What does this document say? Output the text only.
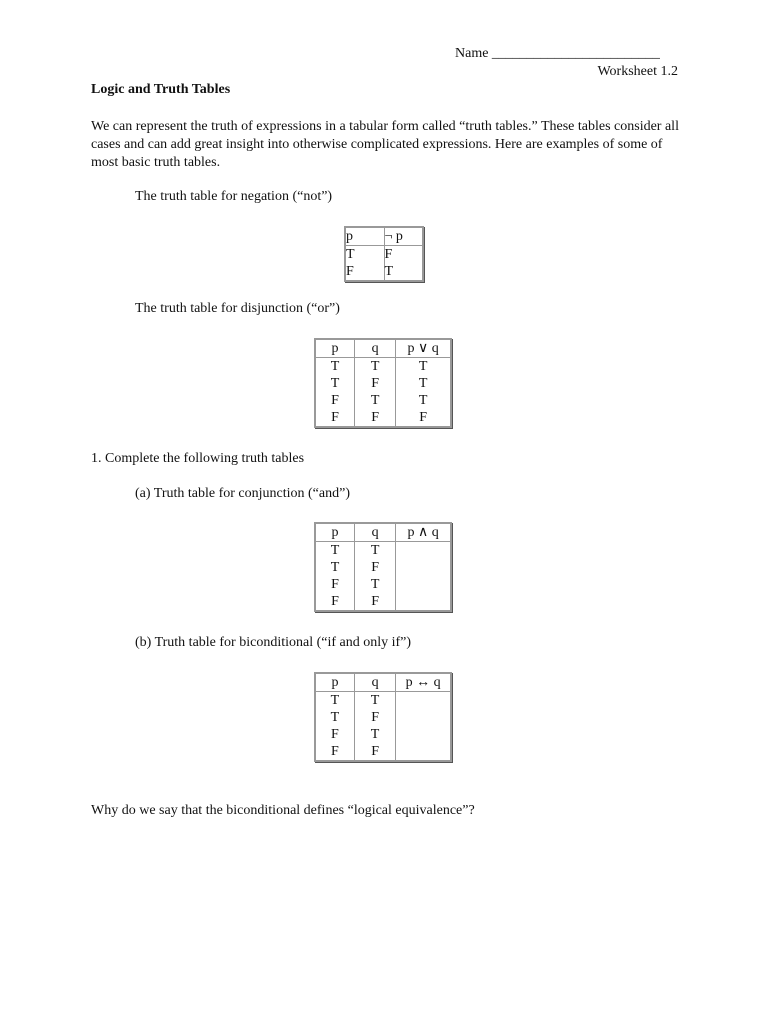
Name ________________________
Worksheet 1.2
Logic and Truth Tables
We can represent the truth of expressions in a tabular form called “truth tables.” These tables consider all cases and can add great insight into otherwise complicated expressions. Here are examples of some of most basic truth tables.
The truth table for negation (“not”)
p	¬ p
T	F
F	T
The truth table for disjunction (“or”)
p	q	p ∨ q
T	T	T
T	F	T
F	T	T
F	F	F
1. Complete the following truth tables
(a) Truth table for conjunction (“and”)
p	q	p ∧ q
T	T	
T	F	
F	T	
F	F	
(b) Truth table for biconditional (“if and only if”)
p	q	p ↔ q
T	T	
T	F	
F	T	
F	F	
Why do we say that the biconditional defines “logical equivalence”?
